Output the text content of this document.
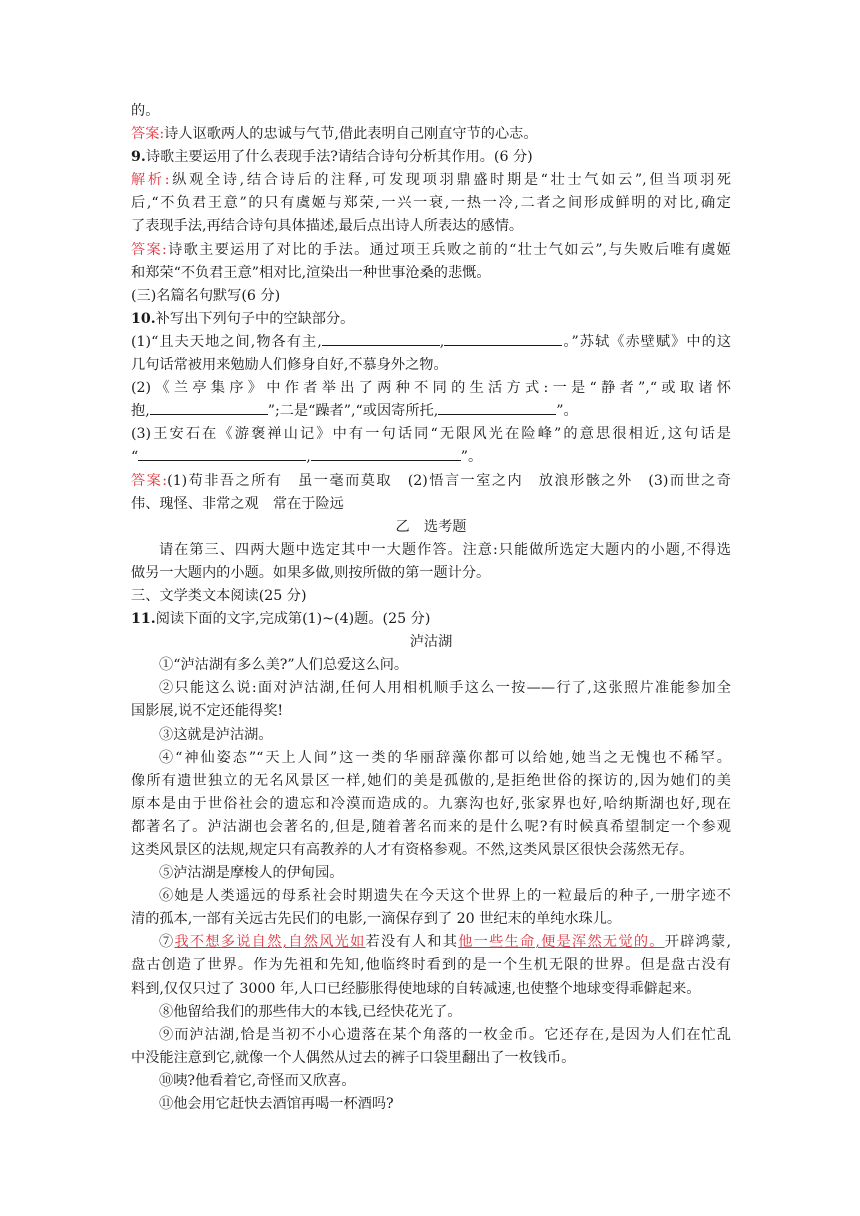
的。
答案:诗人讴歌两人的忠诚与气节,借此表明自己刚直守节的心志。
9.诗歌主要运用了什么表现手法?请结合诗句分析其作用。(6 分)
解析:纵观全诗,结合诗后的注释,可发现项羽鼎盛时期是“壮士气如云”,但当项羽死
后,“不负君王意”的只有虞姬与郑荣,一兴一衰,一热一冷,二者之间形成鲜明的对比,确定
了表现手法,再结合诗句具体描述,最后点出诗人所表达的感情。
答案:诗歌主要运用了对比的手法。通过项王兵败之前的“壮士气如云”,与失败后唯有虞姬
和郑荣“不负君王意”相对比,渲染出一种世事沧桑的悲慨。
(三)名篇名句默写(6 分)
10.补写出下列句子中的空缺部分。
(1)“且夫天地之间,物各有主,	,	。”苏轼《赤壁赋》中的这
几句话常被用来勉励人们修身自好,不慕身外之物。
(2)《兰亭集序》中作者举出了两种不同的生活方式:一是“静者”,“或取诸怀
抱,	”;二是“躁者”,“或因寄所托,	”。
(3)王安石在《游褒禅山记》中有一句话同“无限风光在险峰”的意思很相近,这句话是
“	,	”。
答案:(1)苟非吾之所有　虽一毫而莫取　(2)悟言一室之内　放浪形骸之外　(3)而世之奇
伟、瑰怪、非常之观　常在于险远
乙　选考题
请在第三、四两大题中选定其中一大题作答。注意:只能做所选定大题内的小题,不得选
做另一大题内的小题。如果多做,则按所做的第一题计分。
三、文学类文本阅读(25 分)
11.阅读下面的文字,完成第(1)~(4)题。(25 分)
泸沽湖
①“泸沽湖有多么美?”人们总爱这么问。
②只能这么说:面对泸沽湖,任何人用相机顺手这么一按——行了,这张照片准能参加全
国影展,说不定还能得奖!
③这就是泸沽湖。
④“神仙姿态”“天上人间”这一类的华丽辞藻你都可以给她,她当之无愧也不稀罕。
像所有遗世独立的无名风景区一样,她们的美是孤傲的,是拒绝世俗的探访的,因为她们的美
原本是由于世俗社会的遗忘和冷漠而造成的。九寨沟也好,张家界也好,哈纳斯湖也好,现在
都著名了。泸沽湖也会著名的,但是,随着著名而来的是什么呢?有时候真希望制定一个参观
这类风景区的法规,规定只有高教养的人才有资格参观。不然,这类风景区很快会荡然无存。
⑤泸沽湖是摩梭人的伊甸园。
⑥她是人类遥远的母系社会时期遗失在今天这个世界上的一粒最后的种子,一册字迹不
清的孤本,一部有关远古先民们的电影,一滴保存到了 20 世纪末的单纯水珠儿。
⑦我不想多说自然,自然风光如若没有人和其他一些生命,便是浑然无觉的。开辟鸿蒙,
盘古创造了世界。作为先祖和先知,他临终时看到的是一个生机无限的世界。但是盘古没有
料到,仅仅只过了 3000 年,人口已经膨胀得使地球的自转减速,也使整个地球变得乖僻起来。
⑧他留给我们的那些伟大的本钱,已经快花光了。
⑨而泸沽湖,恰是当初不小心遗落在某个角落的一枚金币。它还存在,是因为人们在忙乱
中没能注意到它,就像一个人偶然从过去的裤子口袋里翻出了一枚钱币。
⑩咦?他看着它,奇怪而又欣喜。
⑪他会用它赶快去酒馆再喝一杯酒吗?
